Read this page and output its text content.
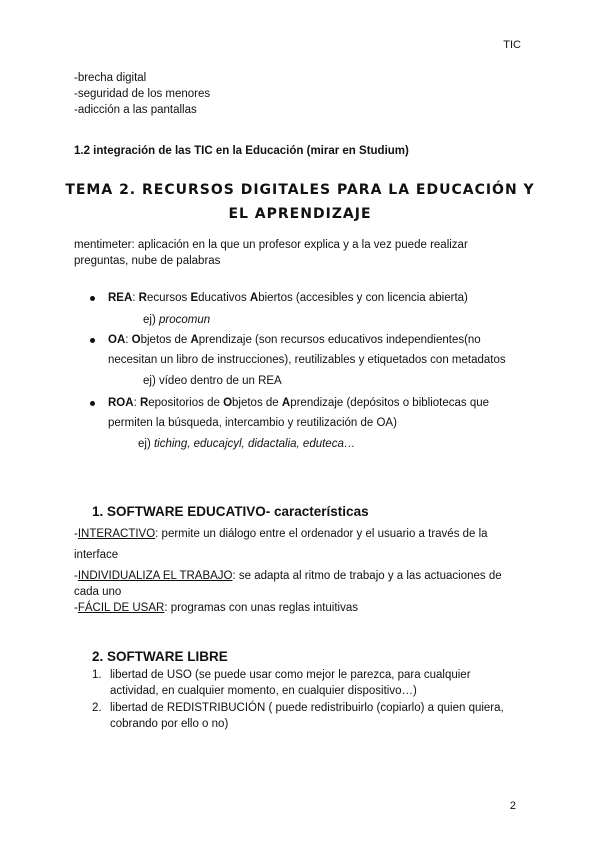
TIC
-brecha digital
-seguridad de los menores
-adicción a las pantallas
1.2 integración de las TIC en la Educación (mirar en Studium)
TEMA 2. RECURSOS DIGITALES PARA LA EDUCACIÓN Y
EL APRENDIZAJE
mentimeter: aplicación en la que un profesor explica y a la vez puede realizar
preguntas, nube de palabras
REA: Recursos Educativos Abiertos (accesibles y con licencia abierta)
ej) procomun
OA: Objetos de Aprendizaje (son recursos educativos independientes(no
necesitan un libro de instrucciones), reutilizables y etiquetados con metadatos
ej) vídeo dentro de un REA
ROA: Repositorios de Objetos de Aprendizaje (depósitos o bibliotecas que
permiten la búsqueda, intercambio y reutilización de OA)
ej) tiching, educajcyl, didactalia, eduteca…
1. SOFTWARE EDUCATIVO- características
-INTERACTIVO: permite un diálogo entre el ordenador y el usuario a través de la
interface
-INDIVIDUALIZA EL TRABAJO: se adapta al ritmo de trabajo y a las actuaciones de
cada uno
-FÁCIL DE USAR: programas con unas reglas intuitivas
2. SOFTWARE LIBRE
1. libertad de USO (se puede usar como mejor le parezca, para cualquier
actividad, en cualquier momento, en cualquier dispositivo…)
2. libertad de REDISTRIBUCIÓN ( puede redistribuirlo (copiarlo) a quien quiera,
cobrando por ello o no)
2
